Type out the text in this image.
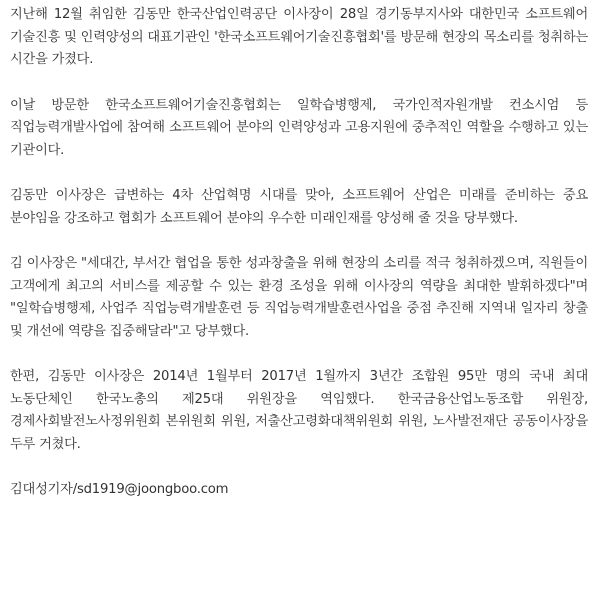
지난해 12월 취임한 김동만 한국산업인력공단 이사장이 28일 경기동부지사와 대한민국 소프트웨어 기술진흥 및 인력양성의 대표기관인 '한국소프트웨어기술진흥협회'를 방문해 현장의 목소리를 청취하는 시간을 가졌다.

이날 방문한 한국소프트웨어기술진흥협회는 일학습병행제, 국가인적자원개발 컨소시엄 등 직업능력개발사업에 참여해 소프트웨어 분야의 인력양성과 고용지원에 중추적인 역할을 수행하고 있는 기관이다.

김동만 이사장은 급변하는 4차 산업혁명 시대를 맞아, 소프트웨어 산업은 미래를 준비하는 중요 분야임을 강조하고 협회가 소프트웨어 분야의 우수한 미래인재를 양성해 줄 것을 당부했다.

김 이사장은 "세대간, 부서간 협업을 통한 성과창출을 위해 현장의 소리를 적극 청취하겠으며, 직원들이 고객에게 최고의 서비스를 제공할 수 있는 환경 조성을 위해 이사장의 역량을 최대한 발휘하겠다"며 "일학습병행제, 사업주 직업능력개발훈련 등 직업능력개발훈련사업을 중점 추진해 지역내 일자리 창출 및 개선에 역량을 집중해달라"고 당부했다.

한편, 김동만 이사장은 2014년 1월부터 2017년 1월까지 3년간 조합원 95만 명의 국내 최대 노동단체인 한국노총의 제25대 위원장을 역임했다. 한국금융산업노동조합 위원장, 경제사회발전노사정위원회 본위원회 위원, 저출산고령화대책위원회 위원, 노사발전재단 공동이사장을 두루 거쳤다.

김대성기자/sd1919@joongboo.com
